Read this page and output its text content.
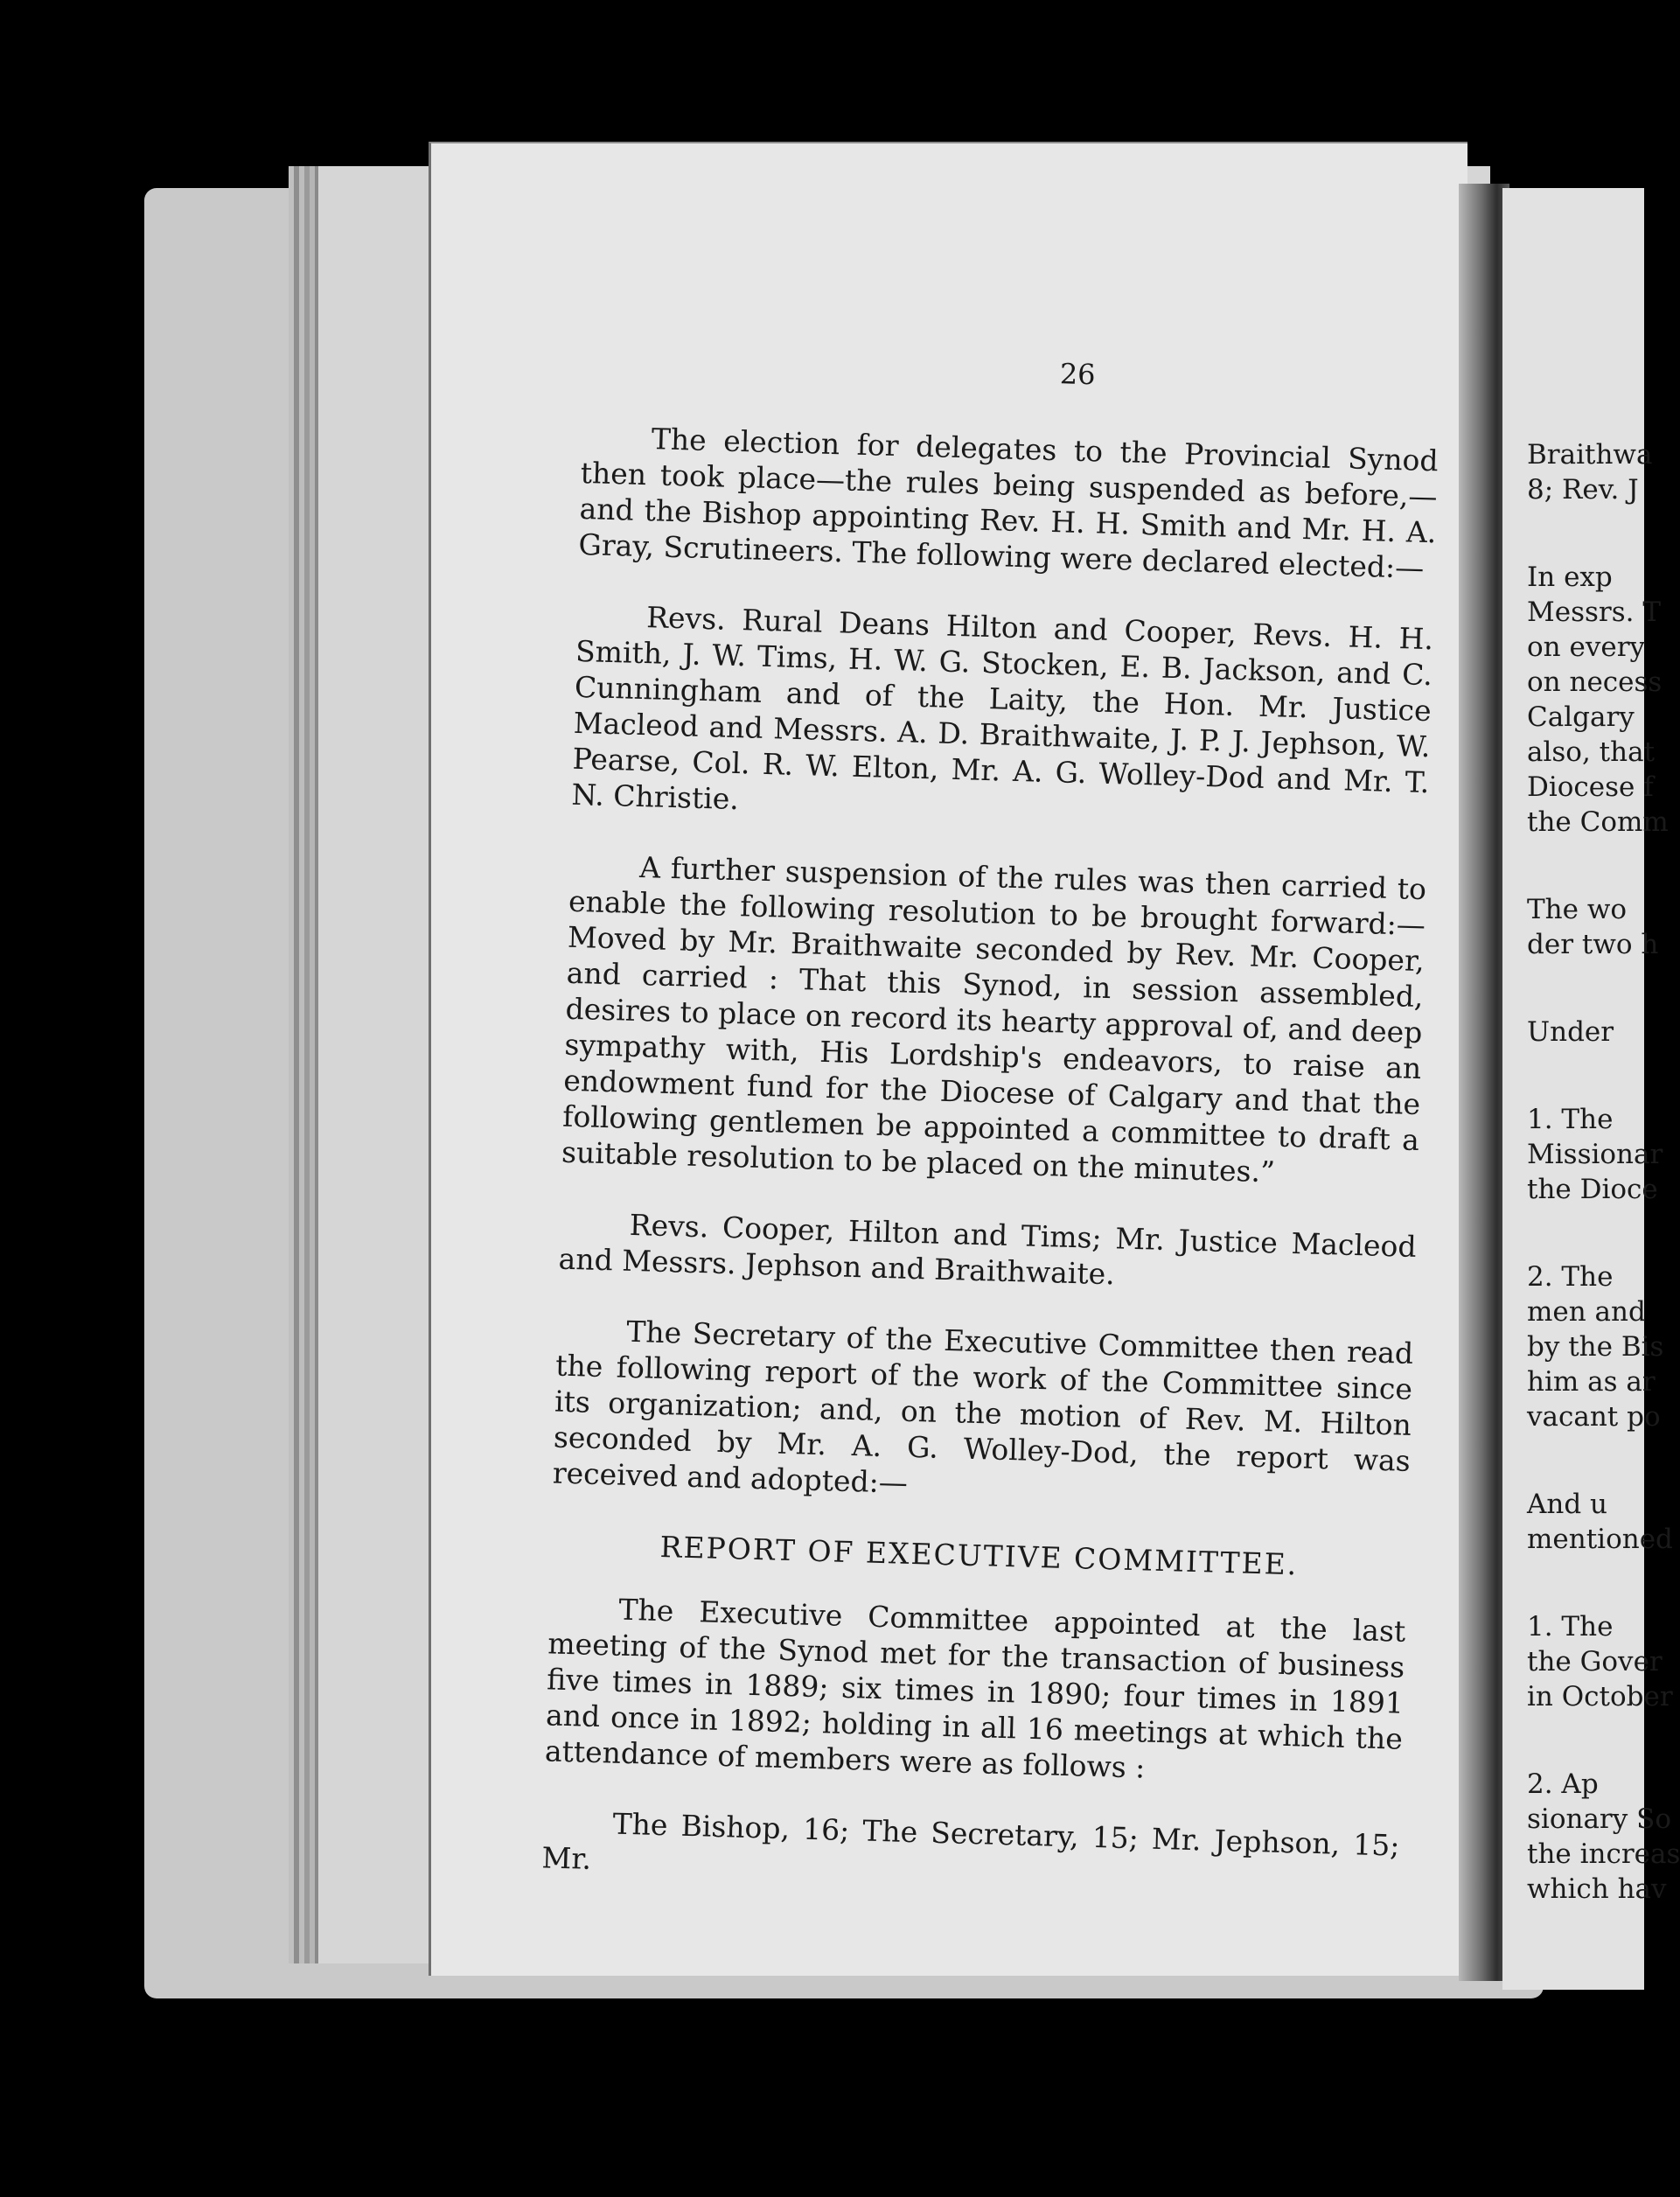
26

The election for delegates to the Provincial Synod then took place—the rules being suspended as before,—and the Bishop appointing Rev. H. H. Smith and Mr. H. A. Gray, Scrutineers. The following were declared elected:—

Revs. Rural Deans Hilton and Cooper, Revs. H. H. Smith, J. W. Tims, H. W. G. Stocken, E. B. Jackson, and C. Cunningham and of the Laity, the Hon. Mr. Justice Macleod and Messrs. A. D. Braithwaite, J. P. J. Jephson, W. Pearse, Col. R. W. Elton, Mr. A. G. Wolley-Dod and Mr. T. N. Christie.

A further suspension of the rules was then carried to enable the following resolution to be brought forward:—Moved by Mr. Braithwaite seconded by Rev. Mr. Cooper, and carried : That this Synod, in session assembled, desires to place on record its hearty approval of, and deep sympathy with, His Lordship's endeavors, to raise an endowment fund for the Diocese of Calgary and that the following gentlemen be appointed a committee to draft a suitable resolution to be placed on the minutes.”

Revs. Cooper, Hilton and Tims; Mr. Justice Macleod and Messrs. Jephson and Braithwaite.

The Secretary of the Executive Committee then read the following report of the work of the Committee since its organization; and, on the motion of Rev. M. Hilton seconded by Mr. A. G. Wolley-Dod, the report was received and adopted:—

REPORT OF EXECUTIVE COMMITTEE.

The Executive Committee appointed at the last meeting of the Synod met for the transaction of business five times in 1889; six times in 1890; four times in 1891 and once in 1892; holding in all 16 meetings at which the attendance of members were as follows :

The Bishop, 16; The Secretary, 15; Mr. Jephson, 15; Mr.

Braithwa
8; Rev. J
In exp
Messrs. T
on every
on necess
Calgary
also, that
Diocese f
the Comm
The wo
der two h
Under
1. The
Missionar
the Dioce
2. The
men and
by the Bis
him as ar
vacant po
And u
mentioned
1. The
the Gover
in October
2. Ap
sionary So
the increas
which hav
